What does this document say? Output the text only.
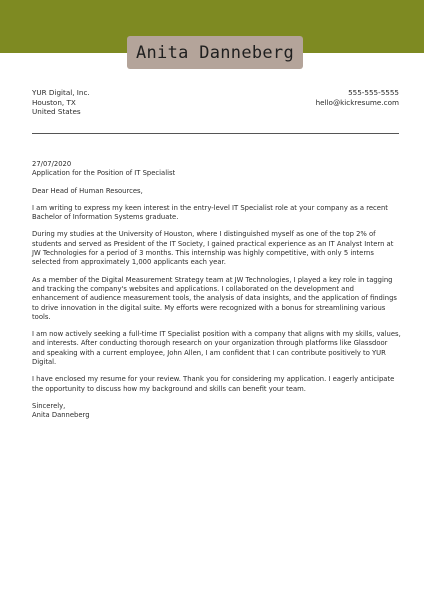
Anita Danneberg
YUR Digital, Inc.
Houston, TX
United States
555-555-5555
hello@kickresume.com
27/07/2020
Application for the Position of IT Specialist

Dear Head of Human Resources,

I am writing to express my keen interest in the entry-level IT Specialist role at your company as a recent Bachelor of Information Systems graduate.

During my studies at the University of Houston, where I distinguished myself as one of the top 2% of students and served as President of the IT Society, I gained practical experience as an IT Analyst Intern at JW Technologies for a period of 3 months. This internship was highly competitive, with only 5 interns selected from approximately 1,000 applicants each year.

As a member of the Digital Measurement Strategy team at JW Technologies, I played a key role in tagging and tracking the company's websites and applications. I collaborated on the development and enhancement of audience measurement tools, the analysis of data insights, and the application of findings to drive innovation in the digital suite. My efforts were recognized with a bonus for streamlining various tools.

I am now actively seeking a full-time IT Specialist position with a company that aligns with my skills, values, and interests. After conducting thorough research on your organization through platforms like Glassdoor and speaking with a current employee, John Allen, I am confident that I can contribute positively to YUR Digital.

I have enclosed my resume for your review. Thank you for considering my application. I eagerly anticipate the opportunity to discuss how my background and skills can benefit your team.

Sincerely,
Anita Danneberg
